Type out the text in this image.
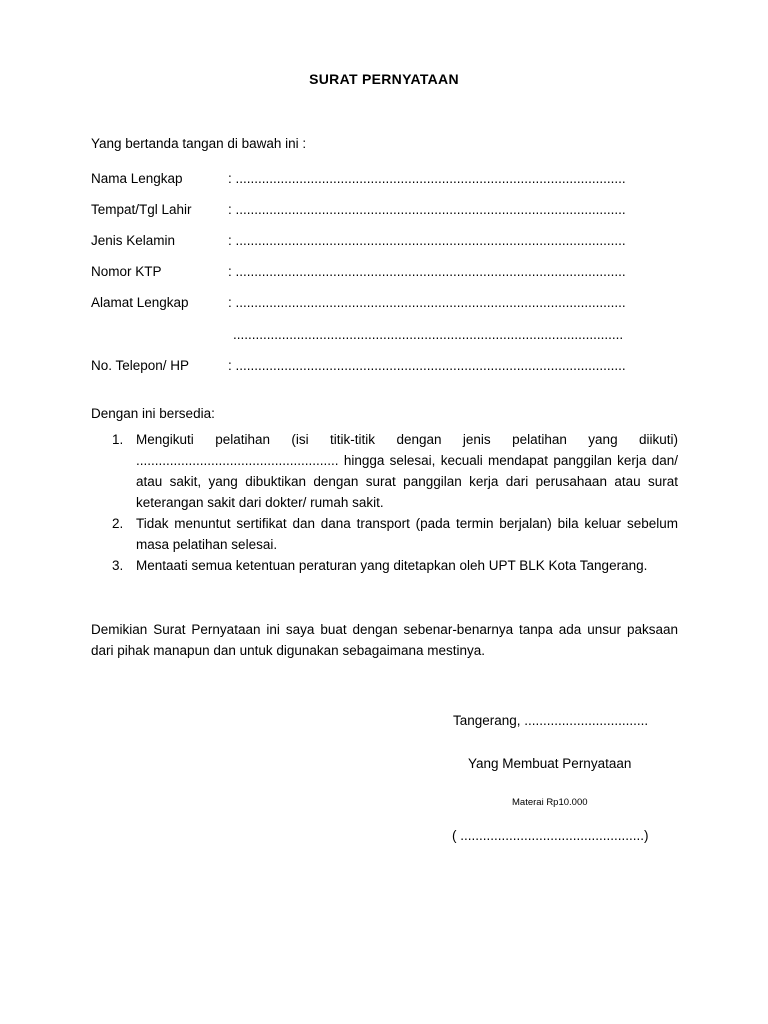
SURAT PERNYATAAN
Yang bertanda tangan di bawah ini :
Nama Lengkap	: ........................................................................................................
Tempat/Tgl Lahir	: ........................................................................................................
Jenis Kelamin	: ........................................................................................................
Nomor KTP	: ........................................................................................................
Alamat Lengkap	: ........................................................................................................
........................................................................................................
No. Telepon/ HP	: ........................................................................................................
Dengan ini bersedia:
1. Mengikuti pelatihan (isi titik-titik dengan jenis pelatihan yang diikuti) ...................................................... hingga selesai, kecuali mendapat panggilan kerja dan/ atau sakit, yang dibuktikan dengan surat panggilan kerja dari perusahaan atau surat keterangan sakit dari dokter/ rumah sakit.
2. Tidak menuntut sertifikat dan dana transport (pada termin berjalan) bila keluar sebelum masa pelatihan selesai.
3. Mentaati semua ketentuan peraturan yang ditetapkan oleh UPT BLK Kota Tangerang.
Demikian Surat Pernyataan ini saya buat dengan sebenar-benarnya tanpa ada unsur paksaan dari pihak manapun dan untuk digunakan sebagaimana mestinya.
Tangerang, .................................
Yang Membuat Pernyataan
Materai Rp10.000
( .................................................)
